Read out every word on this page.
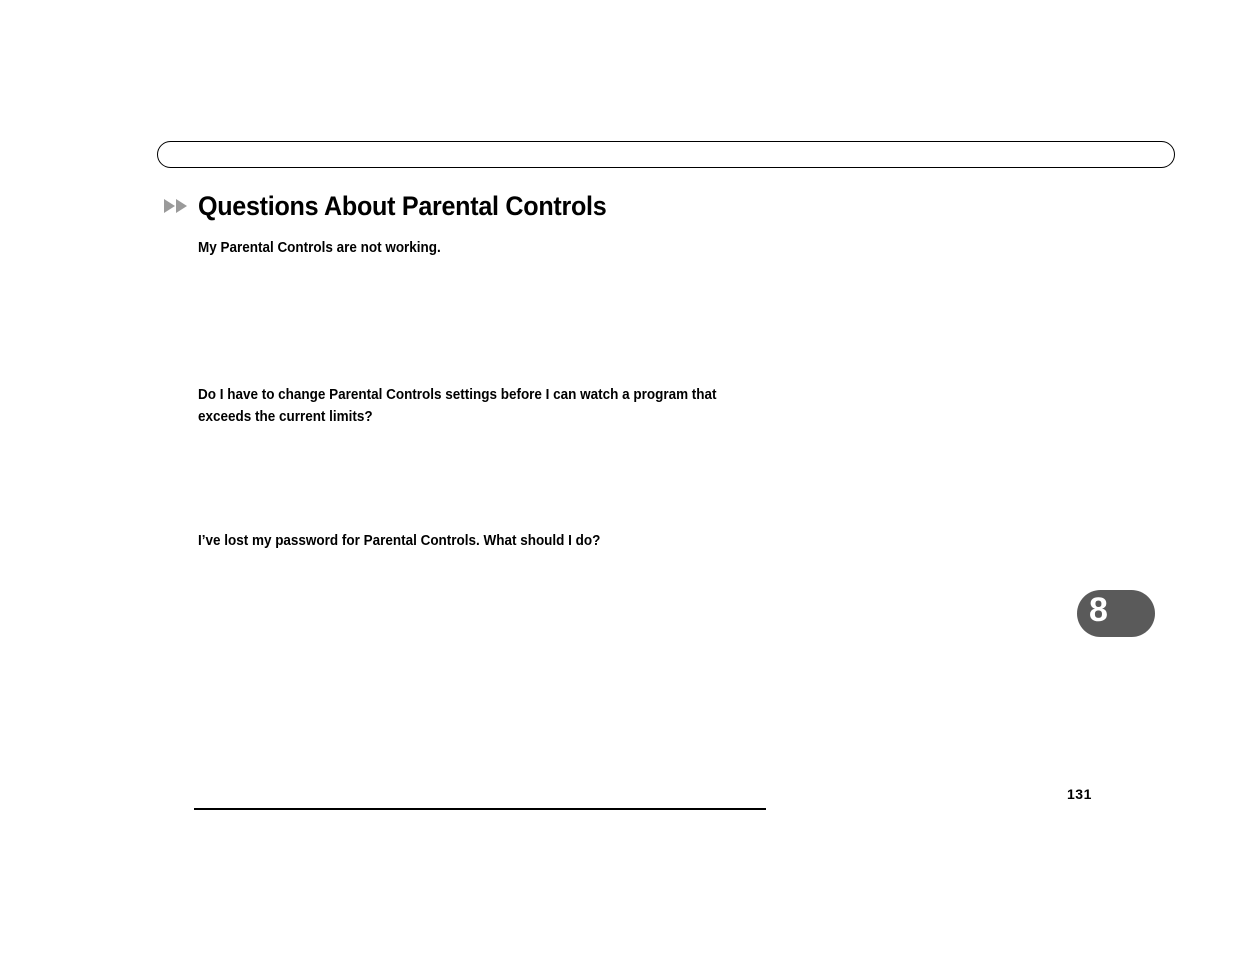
Questions About Parental Controls

My Parental Controls are not working.

Do I have to change Parental Controls settings before I can watch a program that exceeds the current limits?

I’ve lost my password for Parental Controls. What should I do?

8
131
